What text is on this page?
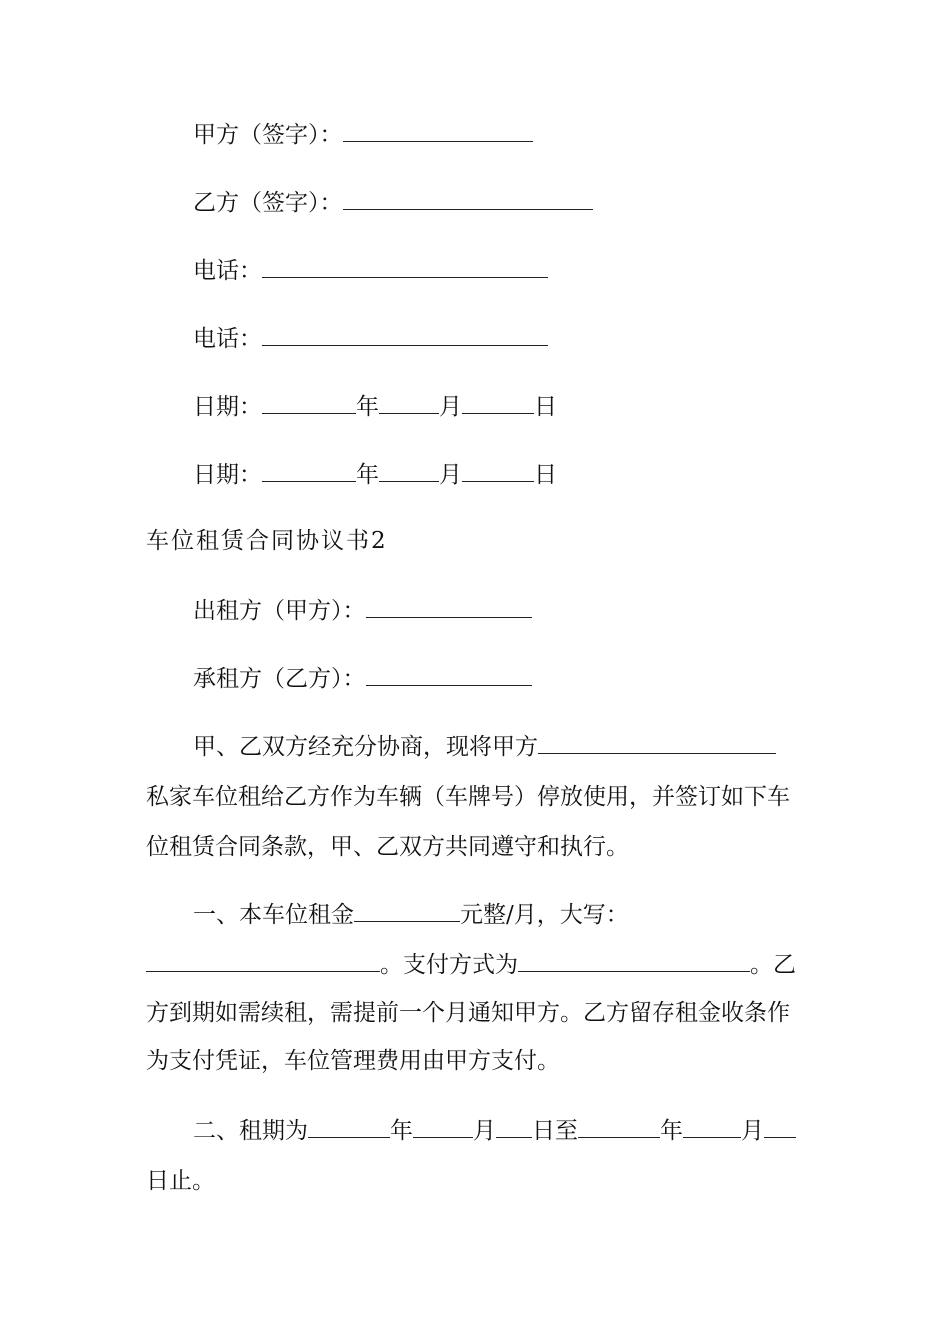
甲方（签字）：
乙方（签字）：
电话：
电话：
日期：	年	月	日
日期：	年	月	日
车位租赁合同协议书2
出租方（甲方）：
承租方（乙方）：
甲、乙双方经充分协商，现将甲方
私家车位租给乙方作为车辆（车牌号）停放使用，并签订如下车
位租赁合同条款，甲、乙双方共同遵守和执行。
一、本车位租金	元整/月，大写：
。支付方式为	。乙
方到期如需续租，需提前一个月通知甲方。乙方留存租金收条作
为支付凭证，车位管理费用由甲方支付。
二、租期为	年	月 日至	年	月
日止。
